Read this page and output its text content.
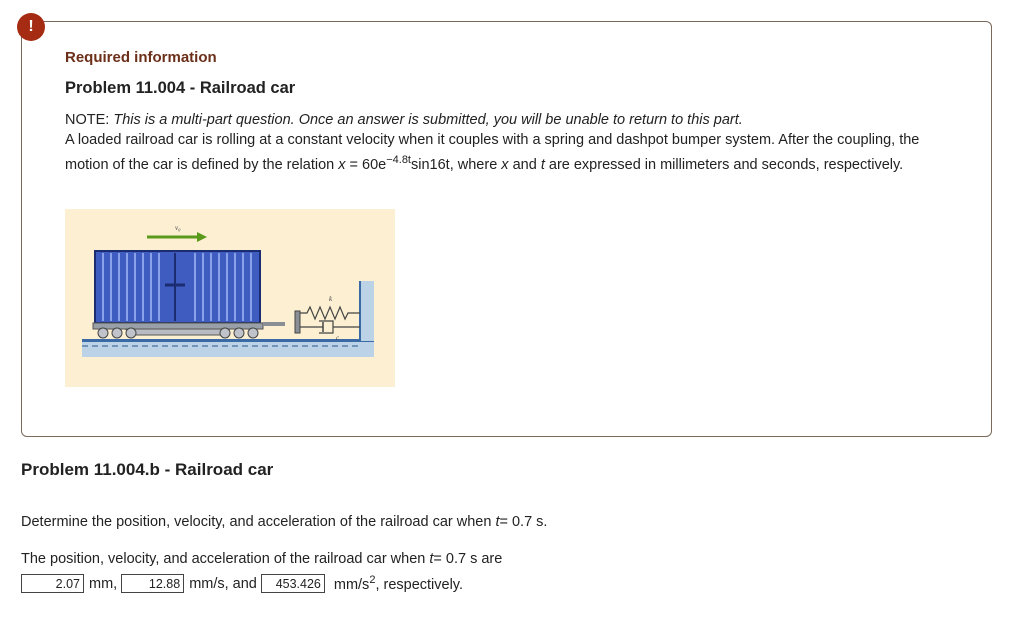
!
Required information
Problem 11.004 - Railroad car

NOTE: This is a multi-part question. Once an answer is submitted, you will be unable to return to this part.

A loaded railroad car is rolling at a constant velocity when it couples with a spring and dashpot bumper system. After the coupling, the motion of the car is defined by the relation $x = 60e^{-4.8t}\sin 16t$, where x and t are expressed in millimeters and seconds, respectively.

v₀
k
c
Problem 11.004.b - Railroad car
Determine the position, velocity, and acceleration of the railroad car when t= 0.7 s.
The position, velocity, and acceleration of the railroad car when t= 0.7 s are
2.07 mm,	12.88 mm/s, and	453.426 $mm/s^2$, respectively.
